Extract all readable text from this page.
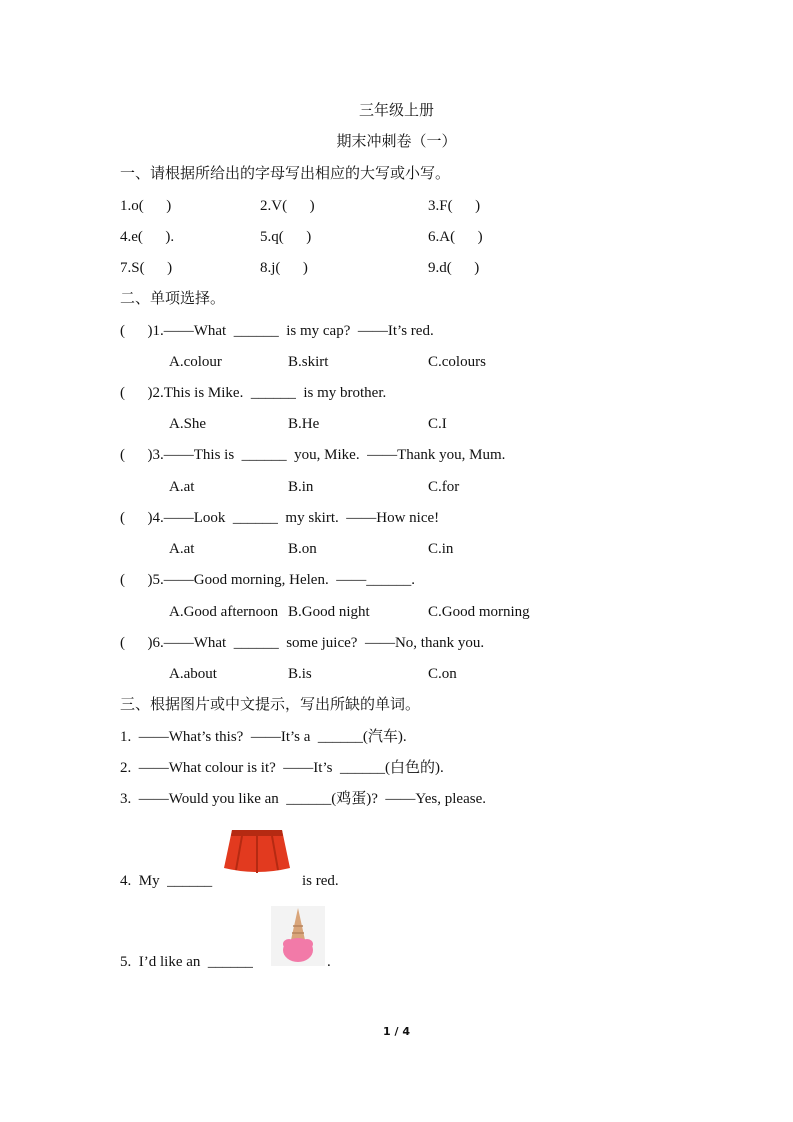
三年级上册
期末冲刺卷（一）
一、请根据所给出的字母写出相应的大写或小写。
1.o(      )	2.V(      )	3.F(      )
4.e(      ).	5.q(      )	6.A(      )
7.S(      )	8.j(      )	9.d(      )
二、单项选择。
(      )1.——What  ______  is my cap?  ——It’s red.
A.colour	B.skirt	C.colours
(      )2.This is Mike.  ______  is my brother.
A.She	B.He	C.I
(      )3.——This is  ______  you, Mike.  ——Thank you, Mum.
A.at	B.in	C.for
(      )4.——Look  ______  my skirt.  ——How nice!
A.at	B.on	C.in
(      )5.——Good morning, Helen.  ——______.
A.Good afternoon B.Good night	C.Good morning
(      )6.——What  ______  some juice?  ——No, thank you.
A.about	B.is	C.on
三、根据图片或中文提示，写出所缺的单词。
1.  ——What’s this?  ——It’s a  ______(汽车).
2.  ——What colour is it?  ——It’s  ______(白色的).
3.  ——Would you like an  ______(鸡蛋)?  ——Yes, please.
4.  My  ______	is red.
5.  I’d like an  ______	.
1 / 4
